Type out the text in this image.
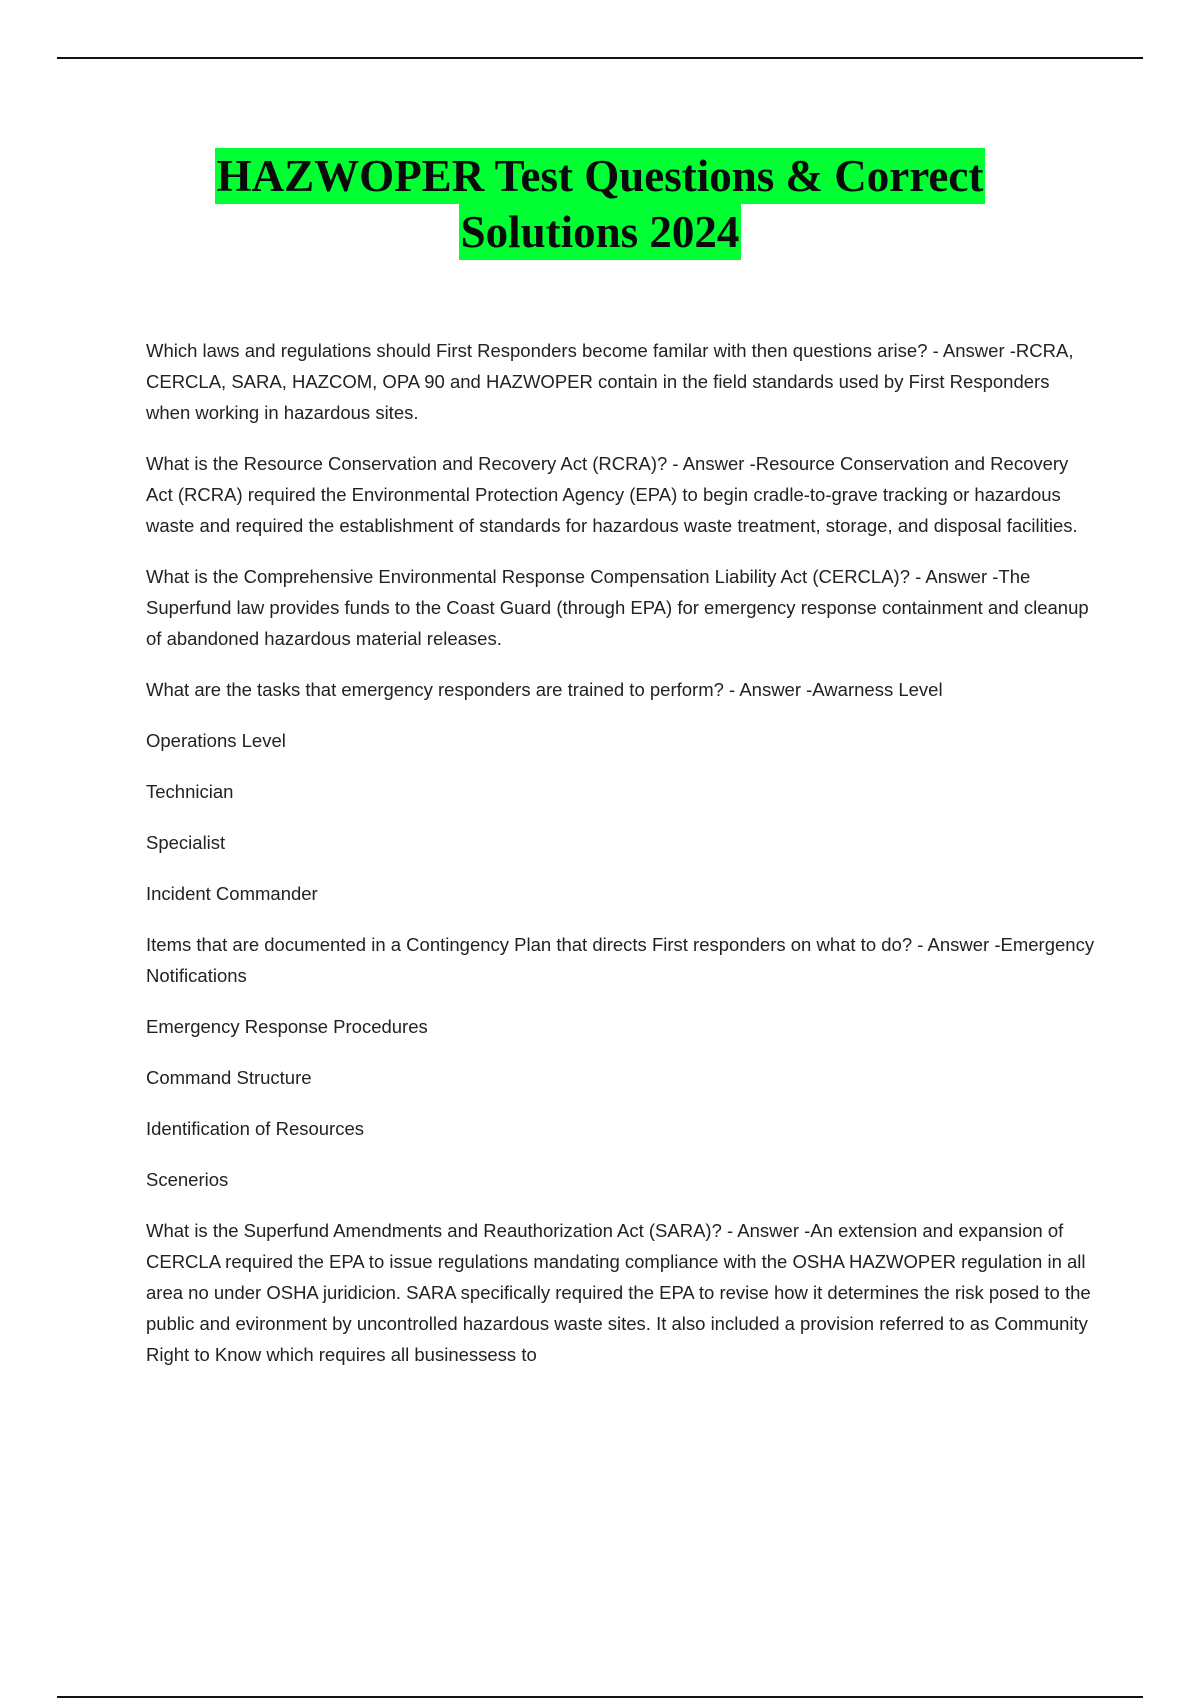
HAZWOPER Test Questions & Correct
Solutions 2024

Which laws and regulations should First Responders become familar with then questions arise? - Answer -RCRA, CERCLA, SARA, HAZCOM, OPA 90 and HAZWOPER contain in the field standards used by First Responders when working in hazardous sites.

What is the Resource Conservation and Recovery Act (RCRA)? - Answer -Resource Conservation and Recovery Act (RCRA) required the Environmental Protection Agency (EPA) to begin cradle-to-grave tracking or hazardous waste and required the establishment of standards for hazardous waste treatment, storage, and disposal facilities.

What is the Comprehensive Environmental Response Compensation Liability Act (CERCLA)? - Answer -The Superfund law provides funds to the Coast Guard (through EPA) for emergency response containment and cleanup of abandoned hazardous material releases.

What are the tasks that emergency responders are trained to perform? - Answer -Awarness Level

Operations Level

Technician

Specialist

Incident Commander

Items that are documented in a Contingency Plan that directs First responders on what to do? - Answer -Emergency Notifications

Emergency Response Procedures

Command Structure

Identification of Resources

Scenerios

What is the Superfund Amendments and Reauthorization Act (SARA)? - Answer -An extension and expansion of CERCLA required the EPA to issue regulations mandating compliance with the OSHA HAZWOPER regulation in all area no under OSHA juridicion. SARA specifically required the EPA to revise how it determines the risk posed to the public and evironment by uncontrolled hazardous waste sites. It also included a provision referred to as Community Right to Know which requires all businessess to
